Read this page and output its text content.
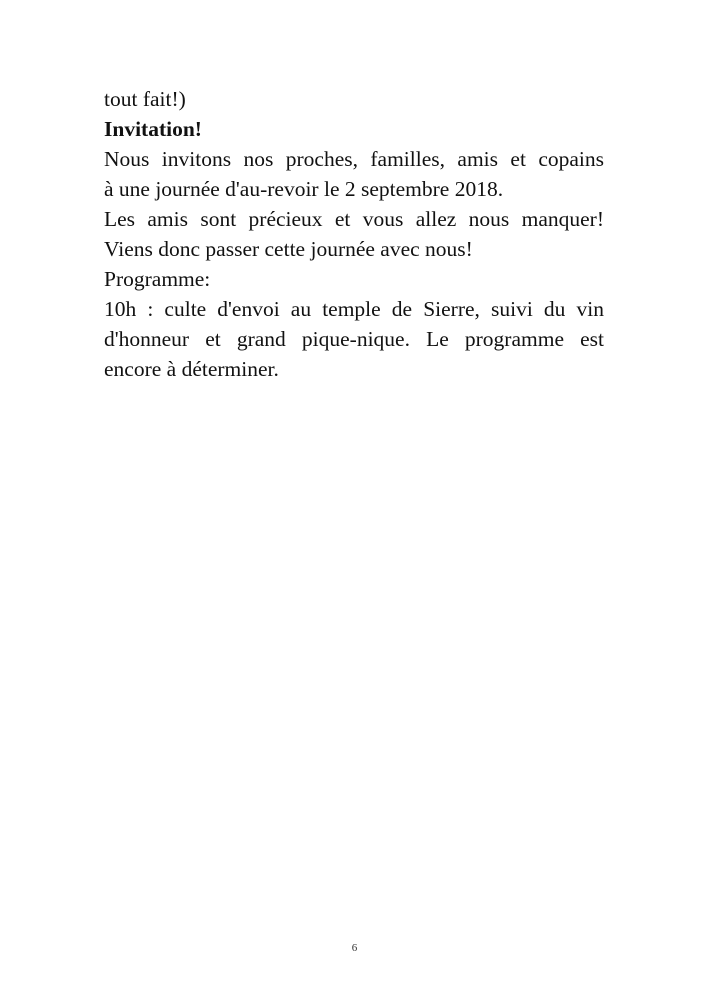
tout fait!)
Invitation!
Nous invitons nos proches, familles, amis et copains
à une journée d'au-revoir le 2 septembre 2018.
Les amis sont précieux et vous allez nous manquer!
Viens donc passer cette journée avec nous!
Programme:
10h : culte d'envoi au temple de Sierre, suivi du vin
d'honneur et grand pique-nique. Le programme est
encore à déterminer.
6
